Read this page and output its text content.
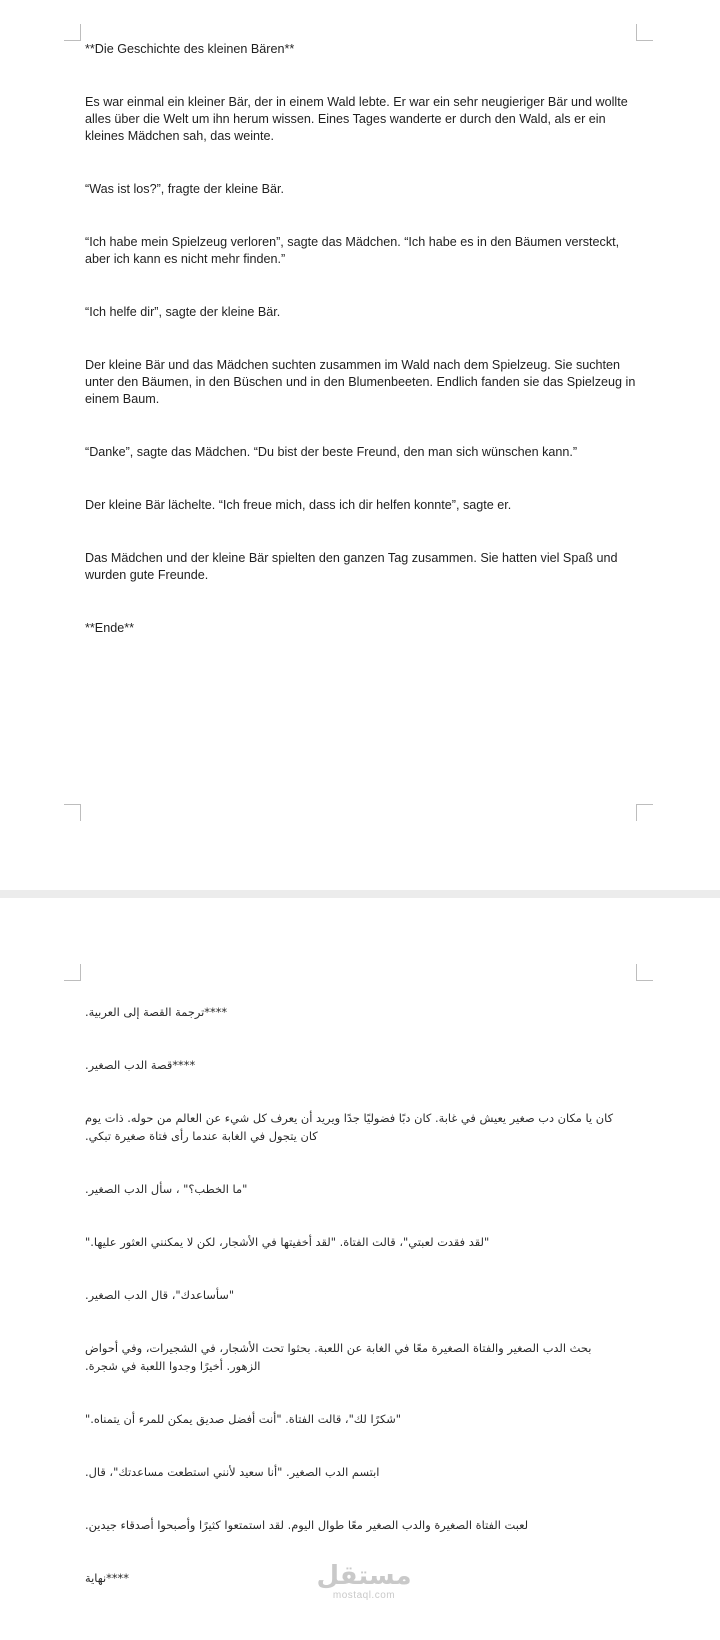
**Die Geschichte des kleinen Bären**

Es war einmal ein kleiner Bär, der in einem Wald lebte. Er war ein sehr neugieriger Bär und wollte alles über die Welt um ihn herum wissen. Eines Tages wanderte er durch den Wald, als er ein kleines Mädchen sah, das weinte.

“Was ist los?”, fragte der kleine Bär.

“Ich habe mein Spielzeug verloren”, sagte das Mädchen. “Ich habe es in den Bäumen versteckt, aber ich kann es nicht mehr finden.”

“Ich helfe dir”, sagte der kleine Bär.

Der kleine Bär und das Mädchen suchten zusammen im Wald nach dem Spielzeug. Sie suchten unter den Bäumen, in den Büschen und in den Blumenbeeten. Endlich fanden sie das Spielzeug in einem Baum.

“Danke”, sagte das Mädchen. “Du bist der beste Freund, den man sich wünschen kann.”

Der kleine Bär lächelte. “Ich freue mich, dass ich dir helfen konnte”, sagte er.

Das Mädchen und der kleine Bär spielten den ganzen Tag zusammen. Sie hatten viel Spaß und wurden gute Freunde.

**Ende**

****ترجمة القصة إلى العربية.

****قصة الدب الصغير.

كان يا مكان دب صغير يعيش في غابة. كان دبًا فضوليًا جدًا ويريد أن يعرف كل شيء عن العالم من حوله. ذات يوم كان يتجول في الغابة عندما رأى فتاة صغيرة تبكي.

"ما الخطب؟" ، سأل الدب الصغير.

"لقد فقدت لعبتي"، قالت الفتاة. "لقد أخفيتها في الأشجار، لكن لا يمكنني العثور عليها."

"سأساعدك"، قال الدب الصغير.

بحث الدب الصغير والفتاة الصغيرة معًا في الغابة عن اللعبة. بحثوا تحت الأشجار، في الشجيرات، وفي أحواض الزهور. أخيرًا وجدوا اللعبة في شجرة.

"شكرًا لك"، قالت الفتاة. "أنت أفضل صديق يمكن للمرء أن يتمناه."

ابتسم الدب الصغير. "أنا سعيد لأنني استطعت مساعدتك"، قال.

لعبت الفتاة الصغيرة والدب الصغير معًا طوال اليوم. لقد استمتعوا كثيرًا وأصبحوا أصدقاء جيدين.

****نهاية	مستقل
mostaql.com
